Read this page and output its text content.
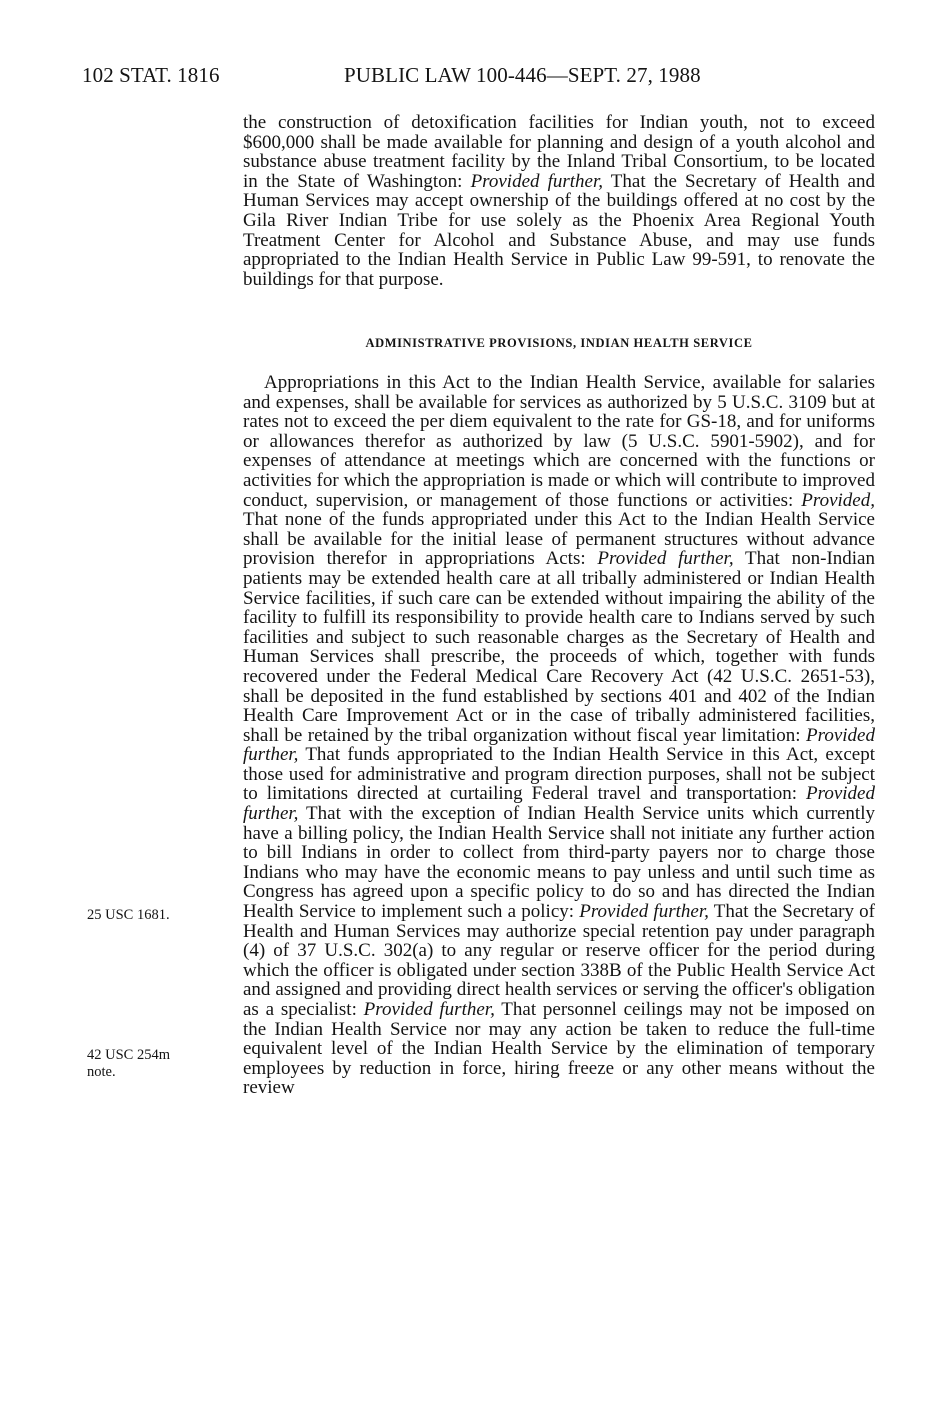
102 STAT. 1816	PUBLIC LAW 100-446—SEPT. 27, 1988

the construction of detoxification facilities for Indian youth, not to exceed $600,000 shall be made available for planning and design of a youth alcohol and substance abuse treatment facility by the Inland Tribal Consortium, to be located in the State of Washington: Provided further, That the Secretary of Health and Human Services may accept ownership of the buildings offered at no cost by the Gila River Indian Tribe for use solely as the Phoenix Area Regional Youth Treatment Center for Alcohol and Substance Abuse, and may use funds appropriated to the Indian Health Service in Public Law 99-591, to renovate the buildings for that purpose.

ADMINISTRATIVE PROVISIONS, INDIAN HEALTH SERVICE

Appropriations in this Act to the Indian Health Service, available for salaries and expenses, shall be available for services as authorized by 5 U.S.C. 3109 but at rates not to exceed the per diem equivalent to the rate for GS-18, and for uniforms or allowances therefor as authorized by law (5 U.S.C. 5901-5902), and for expenses of attendance at meetings which are concerned with the functions or activities for which the appropriation is made or which will contribute to improved conduct, supervision, or management of those functions or activities: Provided, That none of the funds appropriated under this Act to the Indian Health Service shall be available for the initial lease of permanent structures without advance provision therefor in appropriations Acts: Provided further, That non-Indian patients may be extended health care at all tribally administered or Indian Health Service facilities, if such care can be extended without impairing the ability of the facility to fulfill its responsibility to provide health care to Indians served by such facilities and subject to such reasonable charges as the Secretary of Health and Human Services shall prescribe, the proceeds of which, together with funds recovered under the Federal Medical Care Recovery Act (42 U.S.C. 2651-53), shall be deposited in the fund established by sections 401 and 402 of the Indian Health Care Improvement Act or in the case of tribally administered facilities, shall be retained by the tribal organization without fiscal year limitation: Provided further, That funds appropriated to the Indian Health Service in this Act, except those used for administrative and program direction purposes, shall not be subject to limitations directed at curtailing Federal travel and transportation: Provided further, That with the exception of Indian Health Service units which currently have a billing policy, the Indian Health Service shall not initiate any further action to bill Indians in order to collect from third-party payers nor to charge those Indians who may have the economic means to pay unless and until such time as Congress has agreed upon a specific policy to do so and has directed the Indian Health Service to implement such a policy: Provided further, That the Secretary of Health and Human Services may authorize special retention pay under paragraph (4) of 37 U.S.C. 302(a) to any regular or reserve officer for the period during which the officer is obligated under section 338B of the Public Health Service Act and assigned and providing direct health services or serving the officer's obligation as a specialist: Provided further, That personnel ceilings may not be imposed on the Indian Health Service nor may any action be taken to reduce the full-time equivalent level of the Indian Health Service by the elimination of temporary employees by reduction in force, hiring freeze or any other means without the review

25 USC 1681.
42 USC 254m
note.
